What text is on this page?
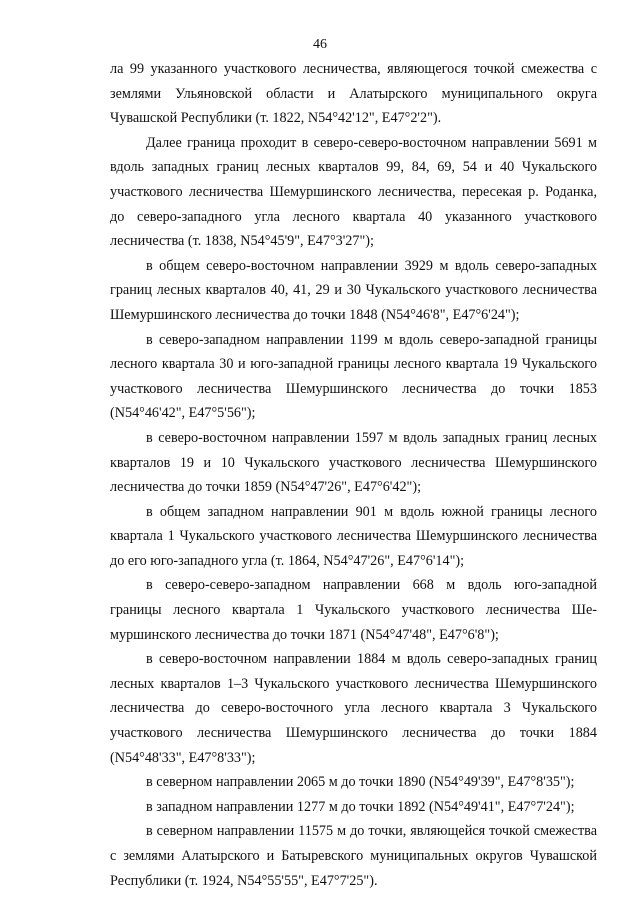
46

ла 99 указанного участкового лесничества, являющегося точкой смежества с землями Ульяновской области и Алатырского муниципального округа Чувашской Республики (т. 1822, N54°42'12", E47°2'2").

Далее граница проходит в северо-северо-восточном направлении 5691 м вдоль западных границ лесных кварталов 99, 84, 69, 54 и 40 Чукальского участкового лесничества Шемуршинского лесничества, пересекая р. Роданка, до северо-западного угла лесного квартала 40 указанного участкового лесничества (т. 1838, N54°45'9", E47°3'27");

в общем северо-восточном направлении 3929 м вдоль северо-западных границ лесных кварталов 40, 41, 29 и 30 Чукальского участкового лесничества Шемуршинского лесничества до точки 1848 (N54°46'8", E47°6'24");

в северо-западном направлении 1199 м вдоль северо-западной границы лесного квартала 30 и юго-западной границы лесного квартала 19 Чукальского участкового лесничества Шемуршинского лесничества до точки 1853 (N54°46'42", E47°5'56");

в северо-восточном направлении 1597 м вдоль западных границ лесных кварталов 19 и 10 Чукальского участкового лесничества Шемуршинского лесничества до точки 1859 (N54°47'26", E47°6'42");

в общем западном направлении 901 м вдоль южной границы лесного квартала 1 Чукальского участкового лесничества Шемуршинского лесничества до его юго-западного угла (т. 1864, N54°47'26", E47°6'14");

в северо-северо-западном направлении 668 м вдоль юго-западной границы лесного квартала 1 Чукальского участкового лесничества Шемуршинского лесничества до точки 1871 (N54°47'48", E47°6'8");

в северо-восточном направлении 1884 м вдоль северо-западных границ лесных кварталов 1–3 Чукальского участкового лесничества Шемуршинского лесничества до северо-восточного угла лесного квартала 3 Чукальского участкового лесничества Шемуршинского лесничества до точки 1884 (N54°48'33", E47°8'33");

в северном направлении 2065 м до точки 1890 (N54°49'39", E47°8'35");

в западном направлении 1277 м до точки 1892 (N54°49'41", E47°7'24");

в северном направлении 11575 м до точки, являющейся точкой смежества с землями Алатырского и Батыревского муниципальных округов Чувашской Республики (т. 1924, N54°55'55", E47°7'25").
